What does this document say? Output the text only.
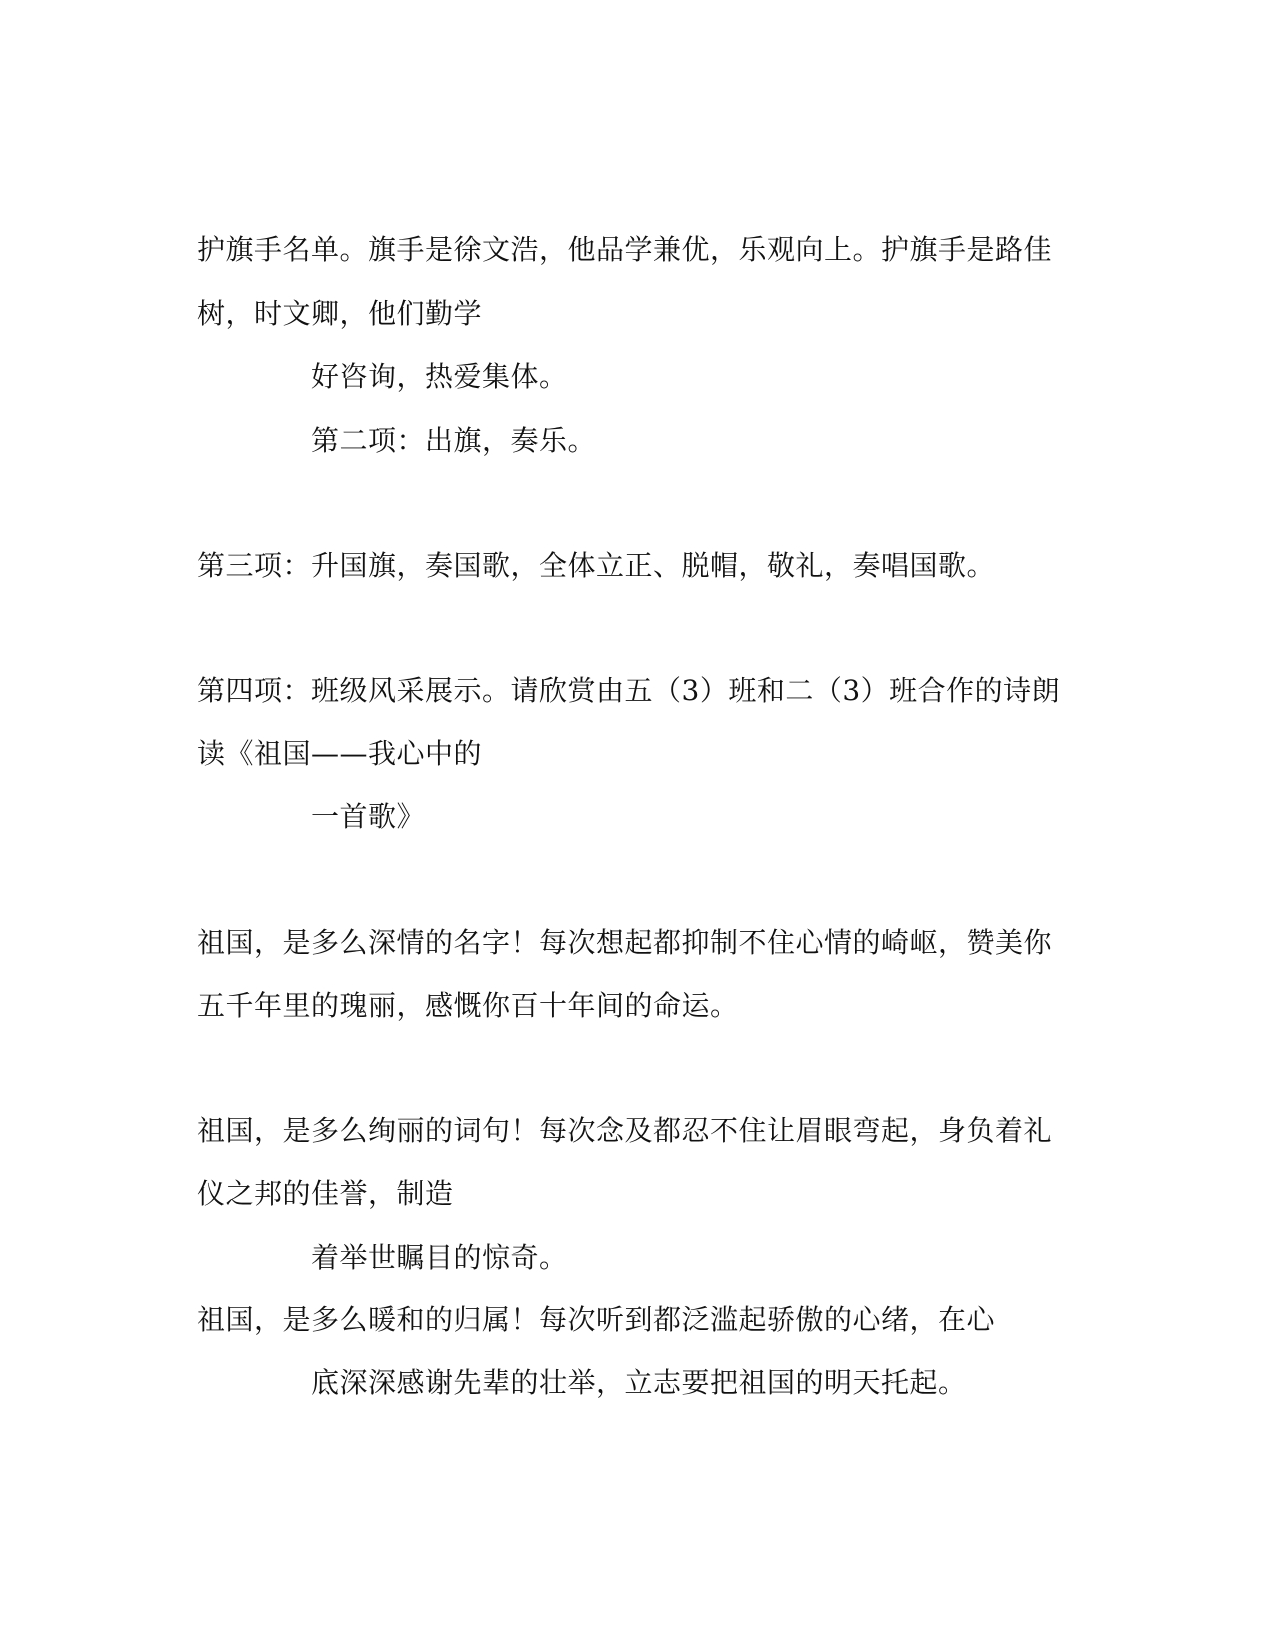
护旗手名单。旗手是徐文浩，他品学兼优，乐观向上。护旗手是路佳
树，时文卿，他们勤学
好咨询，热爱集体。
第二项：出旗，奏乐。
第三项：升国旗，奏国歌，全体立正、脱帽，敬礼，奏唱国歌。
第四项：班级风采展示。请欣赏由五（3）班和二（3）班合作的诗朗
读《祖国——我心中的
一首歌》
祖国，是多么深情的名字！每次想起都抑制不住心情的崎岖，赞美你
五千年里的瑰丽，感慨你百十年间的命运。
祖国，是多么绚丽的词句！每次念及都忍不住让眉眼弯起，身负着礼
仪之邦的佳誉，制造
着举世瞩目的惊奇。
祖国，是多么暖和的归属！每次听到都泛滥起骄傲的心绪，在心
底深深感谢先辈的壮举，立志要把祖国的明天托起。
